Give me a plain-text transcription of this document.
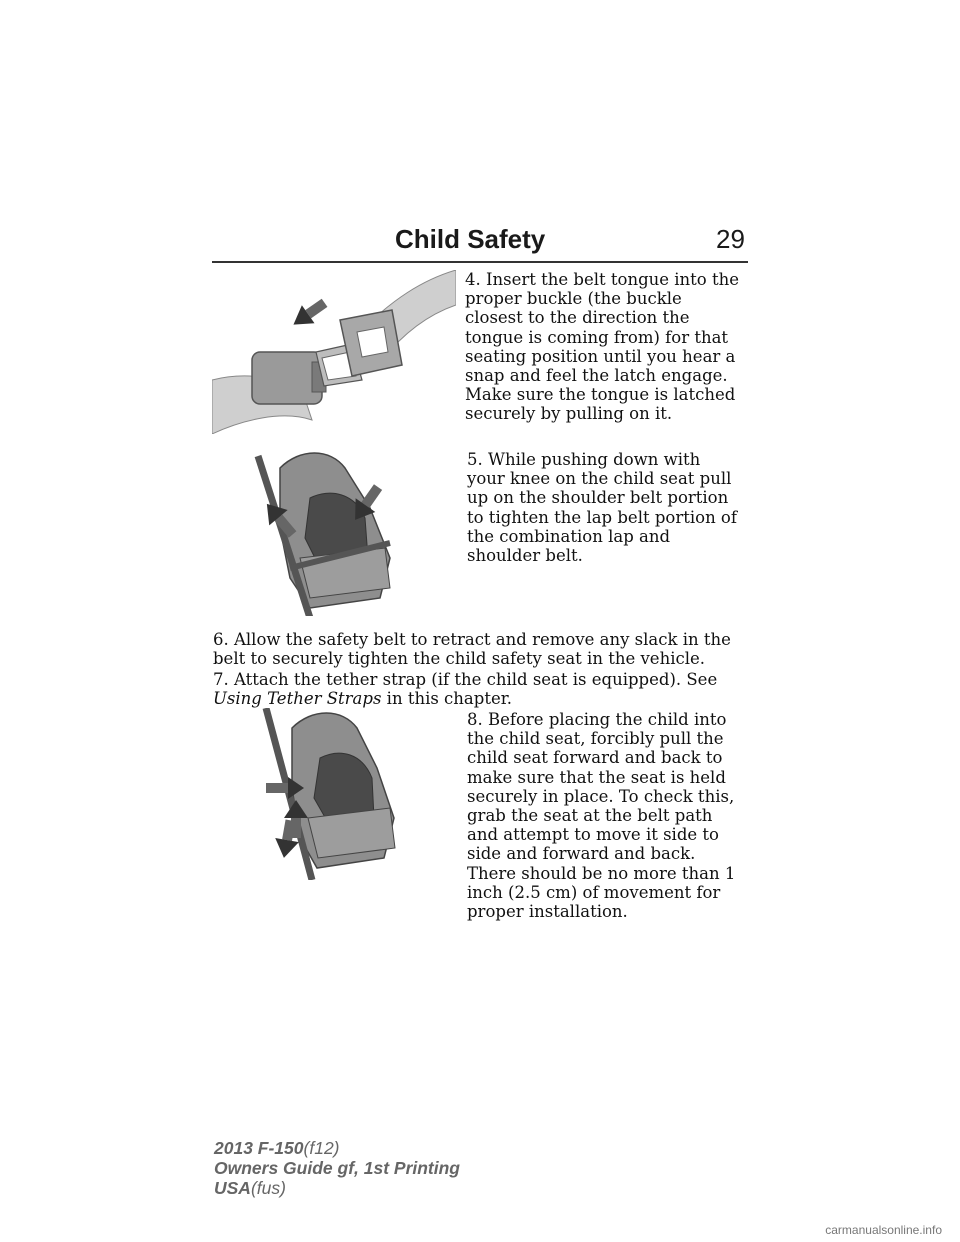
Child Safety	29
4. Insert the belt tongue into the proper buckle (the buckle closest to the direction the tongue is coming from) for that seating position until you hear a snap and feel the latch engage. Make sure the tongue is latched securely by pulling on it.
5. While pushing down with your knee on the child seat pull up on the shoulder belt portion to tighten the lap belt portion of the combination lap and shoulder belt.
6. Allow the safety belt to retract and remove any slack in the belt to securely tighten the child safety seat in the vehicle.
7. Attach the tether strap (if the child seat is equipped). See Using Tether Straps in this chapter.
8. Before placing the child into the child seat, forcibly pull the child seat forward and back to make sure that the seat is held securely in place. To check this, grab the seat at the belt path and attempt to move it side to side and forward and back. There should be no more than 1 inch (2.5 cm) of movement for proper installation.
2013 F-150(f12)
Owners Guide gf, 1st Printing
USA(fus)
carmanualsonline.info
